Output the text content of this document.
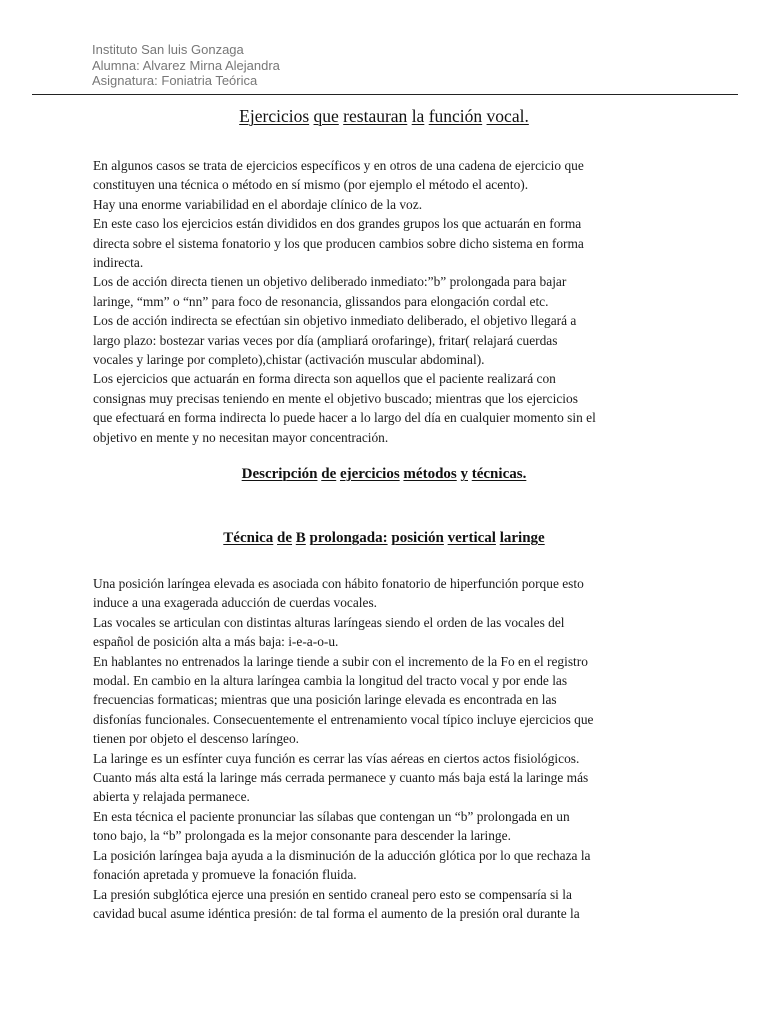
Instituto San luis Gonzaga
Alumna: Alvarez Mirna Alejandra
Asignatura: Foniatria Teórica
Ejercicios que restauran la función vocal.
En algunos casos se trata de ejercicios específicos y en otros de una cadena de ejercicio que
constituyen una técnica o método en sí mismo (por ejemplo el método el acento).
Hay una enorme variabilidad en el abordaje clínico de la voz.
En este caso los ejercicios están divididos en dos grandes grupos los que actuarán en forma
directa sobre el sistema fonatorio y los que producen cambios sobre dicho sistema en forma
indirecta.
Los de acción directa tienen un objetivo deliberado inmediato:”b” prolongada para bajar
laringe, “mm” o “nn” para foco de resonancia, glissandos para elongación cordal etc.
Los de acción indirecta se efectúan sin objetivo inmediato deliberado, el objetivo llegará a
largo plazo: bostezar varias veces por día (ampliará orofaringe), fritar( relajará cuerdas
vocales y laringe por completo),chistar (activación muscular abdominal).
Los ejercicios que actuarán en forma directa son aquellos que el paciente realizará con
consignas muy precisas teniendo en mente el objetivo buscado; mientras que los ejercicios
que efectuará en forma indirecta lo puede hacer a lo largo del día en cualquier momento sin el
objetivo en mente y no necesitan mayor concentración.
Descripción de ejercicios métodos y técnicas.
Técnica de B prolongada: posición vertical laringe
Una posición laríngea elevada es asociada con hábito fonatorio de hiperfunción porque esto
induce a una exagerada aducción de cuerdas vocales.
Las vocales se articulan con distintas alturas laríngeas siendo el orden de las vocales del
español de posición alta a más baja: i-e-a-o-u.
En hablantes no entrenados la laringe tiende a subir con el incremento de la Fo en el registro
modal. En cambio en la altura laríngea cambia la longitud del tracto vocal y por ende las
frecuencias formaticas; mientras que una posición laringe elevada es encontrada en las
disfonías funcionales. Consecuentemente el entrenamiento vocal típico incluye ejercicios que
tienen por objeto el descenso laríngeo.
La laringe es un esfínter cuya función es cerrar las vías aéreas en ciertos actos fisiológicos.
Cuanto más alta está la laringe más cerrada permanece y cuanto más baja está la laringe más
abierta y relajada permanece.
En esta técnica el paciente pronunciar las sílabas que contengan un “b” prolongada en un
tono bajo, la “b” prolongada es la mejor consonante para descender la laringe.
La posición laríngea baja ayuda a la disminución de la aducción glótica por lo que rechaza la
fonación apretada y promueve la fonación fluida.
La presión subglótica ejerce una presión en sentido craneal pero esto se compensaría si la
cavidad bucal asume idéntica presión: de tal forma el aumento de la presión oral durante la
